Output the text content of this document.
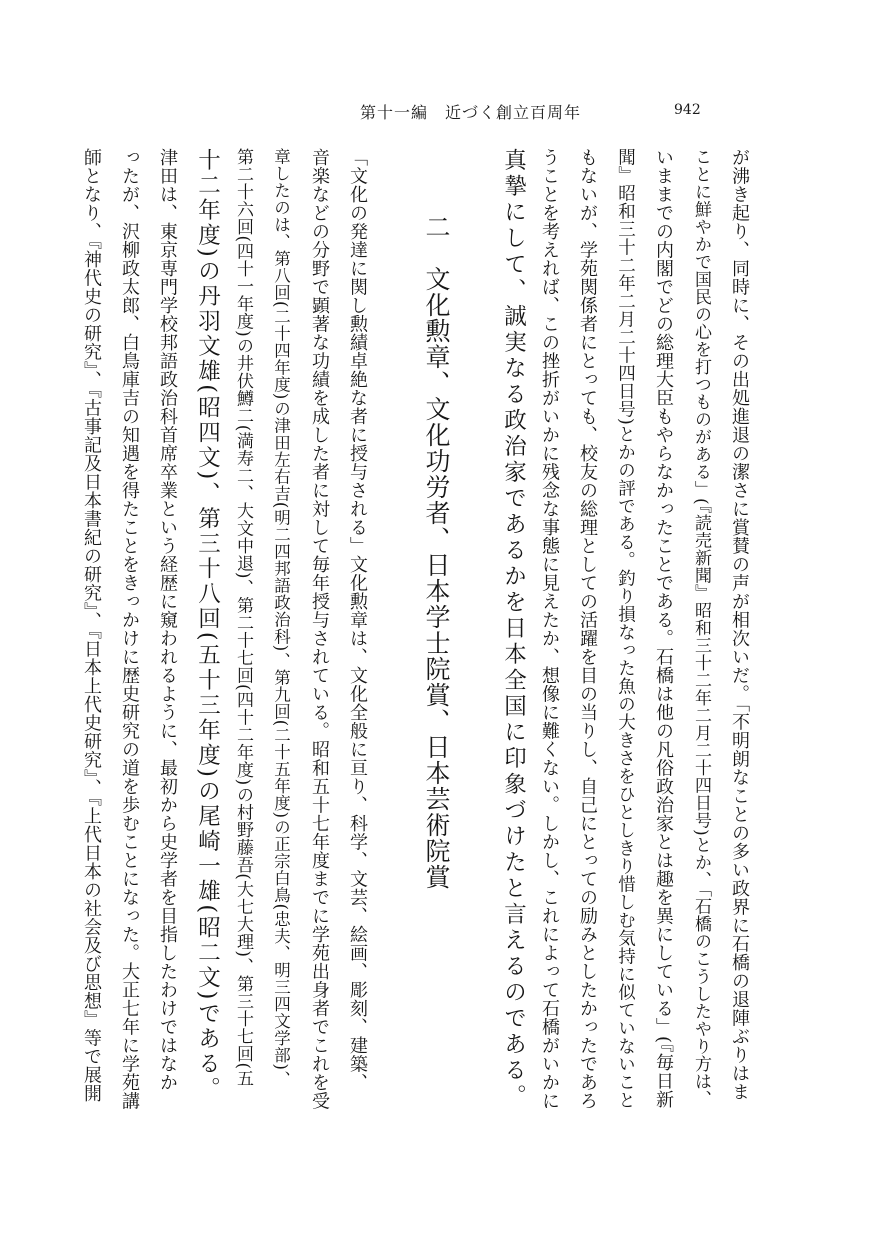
第十一編　近づく創立百周年	942
が沸き起り、同時に、その出処進退の潔さに賞賛の声が相次いだ。「不明朗なことの多い政界に石橋の退陣ぶりはま
ことに鮮やかで国民の心を打つものがある」(『読売新聞』昭和三十二年二月二十四日号)とか、「石橋のこうしたやり方は、
いままでの内閣でどの総理大臣もやらなかったことである。石橋は他の凡俗政治家とは趣を異にしている」(『毎日新
聞』昭和三十二年二月二十四日号)とかの評である。釣り損なった魚の大きさをひとしきり惜しむ気持に似ていないこと
もないが、学苑関係者にとっても、校友の総理としての活躍を目の当りし、自己にとっての励みとしたかったであろ
うことを考えれば、この挫折がいかに残念な事態に見えたか、想像に難くない。しかし、これによって石橋がいかに
真摯にして、誠実なる政治家であるかを日本全国に印象づけたと言えるのである。
二　文化勲章、文化功労者、日本学士院賞、日本芸術院賞
「文化の発達に関し勲績卓絶な者に授与される」文化勲章は、文化全般に亘り、科学、文芸、絵画、彫刻、建築、
音楽などの分野で顕著な功績を成した者に対して毎年授与されている。昭和五十七年度までに学苑出身者でこれを受
章したのは、第八回(二十四年度)の津田左右吉(明二四邦語政治科)、第九回(二十五年度)の正宗白鳥(忠夫、明三四文学部)、
第二十六回(四十一年度)の井伏鱒二(満寿二、大文中退)、第二十七回(四十二年度)の村野藤吾(大七大理)、第三十七回(五
十二年度)の丹羽文雄(昭四文)、第三十八回(五十三年度)の尾崎一雄(昭二文)である。
津田は、東京専門学校邦語政治科首席卒業という経歴に窺われるように、最初から史学者を目指したわけではなか
ったが、沢柳政太郎、白鳥庫吉の知遇を得たことをきっかけに歴史研究の道を歩むことになった。大正七年に学苑講
師となり、『神代史の研究』、『古事記及日本書紀の研究』、『日本上代史研究』、『上代日本の社会及び思想』等で展開
